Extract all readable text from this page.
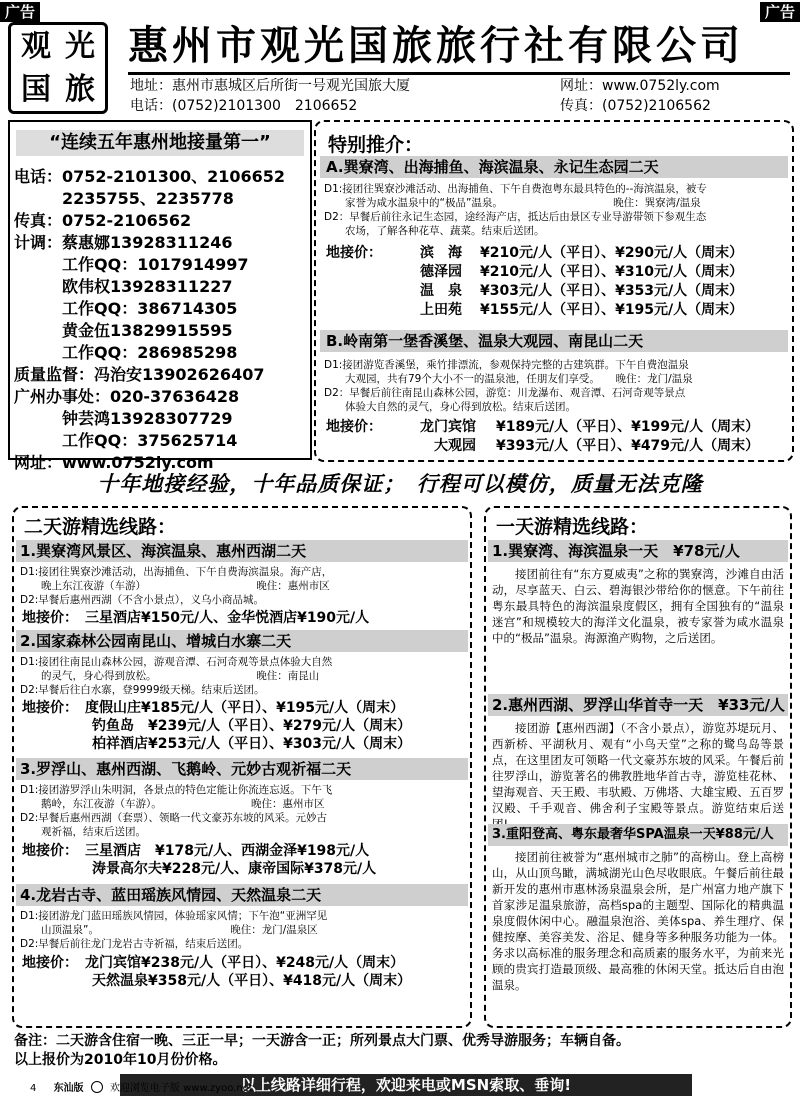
广告	广告
观 光
国 旅
惠州市观光国旅旅行社有限公司
地址：惠州市惠城区后所街一号观光国旅大厦	网址：www.0752ly.com
电话：(0752)2101300　2106652	传真：(0752)2106562
“连续五年惠州地接量第一”
电话：0752-2101300、2106652
　　　2235755、2235778
传真：0752-2106562
计调：蔡惠娜13928311246
　　　工作QQ：1017914997
　　　欧伟权13928311227
　　　工作QQ：386714305
　　　黄金伍13829915595
　　　工作QQ：286985298
质量监督：冯治安13902626407
广州办事处：020-37636428
　　　钟芸鸿13928307729
　　　工作QQ：375625714
网址：www.0752ly.com
特别推介：
A.巽寮湾、出海捕鱼、海滨温泉、永记生态园二天
D1:接团往巽寮沙滩活动、出海捕鱼、下午自费泡粤东最具特色的--海滨温泉，被专
　　家誉为咸水温泉中的“极品”温泉。　　　　　　　　　　　晚住：巽寮湾/温泉
D2：早餐后前往永记生态园，途经海产店，抵达后由景区专业导游带领下参观生态
　　农场，了解各种花草、蔬菜。结束后送团。
地接价：	滨　海	¥210元/人（平日）、¥290元/人（周末）
德泽园	¥210元/人（平日）、¥310元/人（周末）
温　泉	¥303元/人（平日）、¥353元/人（周末）
上田苑	¥155元/人（平日）、¥195元/人（周末）
B.岭南第一堡香溪堡、温泉大观园、南昆山二天
D1:接团游览香溪堡，乘竹排漂流，参观保持完整的古建筑群。下午自费泡温泉
　　大观园，共有79个大小不一的温泉池，任朋友们享受。　　晚住：龙门/温泉
D2：早餐后前往南昆山森林公园，游览：川龙瀑布、观音潭、石河奇观等景点
　　体验大自然的灵气，身心得到放松。结束后送团。
地接价：	龙门宾馆	¥189元/人（平日）、¥199元/人（周末）
大观园	¥393元/人（平日）、¥479元/人（周末）
十年地接经验，十年品质保证；　行程可以模仿，质量无法克隆
二天游精选线路：
1.巽寮湾风景区、海滨温泉、惠州西湖二天
D1:接团往巽寮沙滩活动，出海捕鱼、下午自费海滨温泉。海产店，
　　晚上东江夜游（车游）　　　　　　　　　　　晚住：惠州市区
D2:早餐后惠州西湖（不含小景点），义乌小商品城。
地接价：　三星酒店¥150元/人、金华悦酒店¥190元/人
2.国家森林公园南昆山、增城白水寨二天
D1:接团往南昆山森林公园，游观音潭、石河奇观等景点体验大自然
　　的灵气，身心得到放松。　　　　　　　　　　晚住：南昆山
D2:早餐后往白水寨，登9999级天梯。结束后送团。
地接价：　度假山庄¥185元/人（平日）、¥195元/人（周末）
　　　　　钓鱼岛　¥239元/人（平日）、¥279元/人（周末）
　　　　　柏祥酒店¥253元/人（平日）、¥303元/人（周末）
3.罗浮山、惠州西湖、飞鹅岭、元妙古观祈福二天
D1:接团游罗浮山朱明洞，各景点的特色定能让你流连忘返。下午飞
　　鹅岭，东江夜游（车游）。　　　　　　　　　晚住：惠州市区
D2:早餐后惠州西湖（套票）、领略一代文豪苏东坡的风采。元妙古
　　观祈福，结束后送团。
地接价：　三星酒店　¥178元/人、西湖金泽¥198元/人
　　　　　涛景高尔夫¥228元/人、康帝国际¥378元/人
4.龙岩古寺、蓝田瑶族风情园、天然温泉二天
D1:接团游龙门蓝田瑶族风情园，体验瑶家风情；下午泡“亚洲罕见
　　山顶温泉”。　　　　　　　　　　　　　晚住：龙门/温泉区
D2:早餐后前往龙门龙岩古寺祈福，结束后送团。
地接价：　龙门宾馆¥238元/人（平日）、¥248元/人（周末）
　　　　　天然温泉¥358元/人（平日）、¥418元/人（周末）
一天游精选线路：
1.巽寮湾、海滨温泉一天　¥78元/人
接团前往有“东方夏威夷”之称的巽寮湾，沙滩自由活动，尽享蓝天、白云、碧海银沙带给你的惬意。下午前往粤东最具特色的海滨温泉度假区，拥有全国独有的“温泉迷宫”和规模较大的海洋文化温泉，被专家誉为咸水温泉中的“极品”温泉。海源渔产购物，之后送团。
2.惠州西湖、罗浮山华首寺一天　¥33元/人
接团游【惠州西湖】（不含小景点），游览苏堤玩月、西新桥、平湖秋月、观有“小鸟天堂”之称的鹭鸟岛等景点，在这里团友可领略一代文豪苏东坡的风采。午餐后前往罗浮山，游览著名的佛教胜地华首古寺，游览桂花林、望海观音、天王殿、韦驮殿、万佛塔、大雄宝殿、五百罗汉殿、千手观音、佛舍利子宝殿等景点。游览结束后送
3.重阳登高、粤东最奢华SPA温泉一天¥88元/人
接团前往被誉为“惠州城市之肺”的高榜山。登上高榜山，从山顶鸟瞰，满城湖光山色尽收眼底。午餐后前往最新开发的惠州市惠林汤泉温泉会所，是广州富力地产旗下首家涉足温泉旅游，高档spa的主题型、国际化的精典温泉度假休闲中心。融温泉泡浴、美体spa、养生理疗、保健按摩、美容美发、浴足、健身等多种服务功能为一体。务求以高标准的服务理念和高质素的服务水平，为前来光顾的贵宾打造最顶级、最高雅的休闲天堂。抵达后自由泡温泉。
备注：二天游含住宿一晚、三正一早；一天游含一正；所列景点大门票、优秀导游服务；车辆自备。
以上报价为2010年10月份价格。
以上线路详细行程，欢迎来电或MSN索取、垂询!
4 东汕版	欢迎浏览电子版 www.zyoo.net
